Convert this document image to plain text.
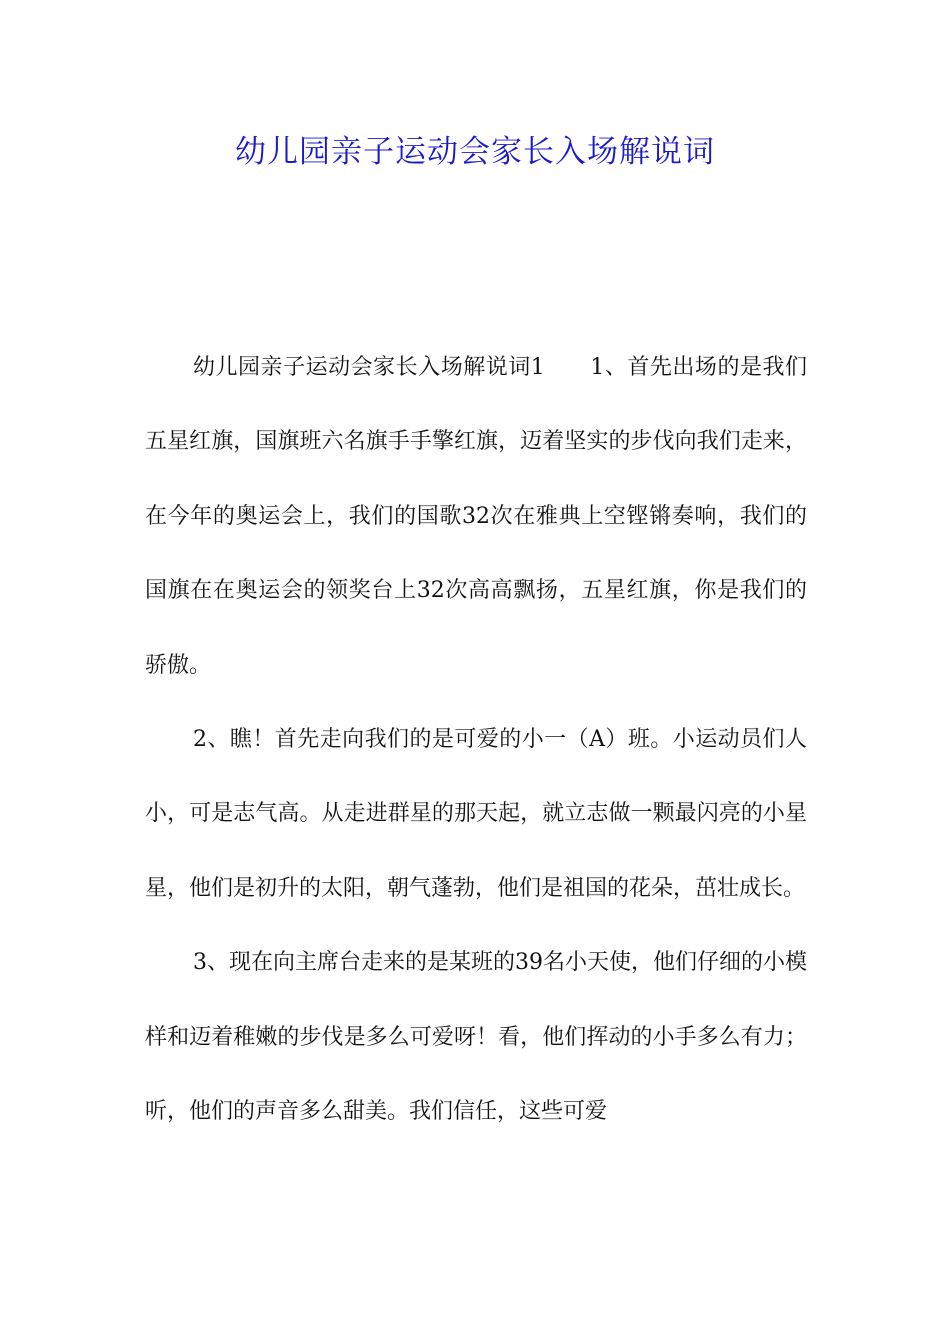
幼儿园亲子运动会家长入场解说词

幼儿园亲子运动会家长入场解说词1　　1、首先出场的是我们五星红旗，国旗班六名旗手手擎红旗，迈着坚实的步伐向我们走来，在今年的奥运会上，我们的国歌32次在雅典上空铿锵奏响，我们的国旗在在奥运会的领奖台上32次高高飘扬，五星红旗，你是我们的骄傲。

2、瞧！首先走向我们的是可爱的小一（A）班。小运动员们人小，可是志气高。从走进群星的那天起，就立志做一颗最闪亮的小星星，他们是初升的太阳，朝气蓬勃，他们是祖国的花朵，茁壮成长。

3、现在向主席台走来的是某班的39名小天使，他们仔细的小模样和迈着稚嫩的步伐是多么可爱呀！看，他们挥动的小手多么有力；听，他们的声音多么甜美。我们信任，这些可爱
